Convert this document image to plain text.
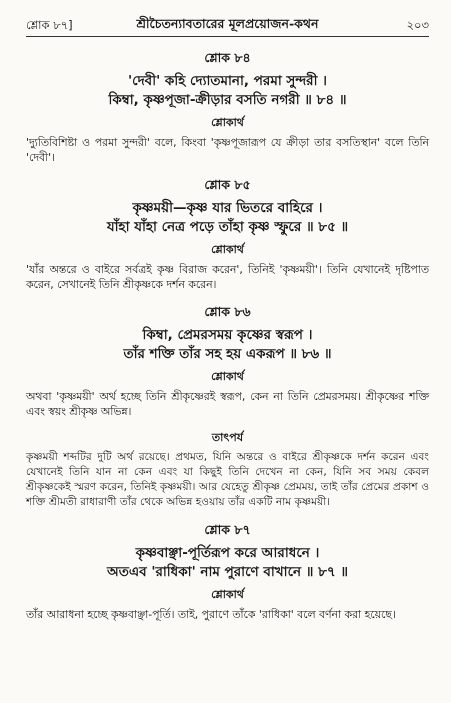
শ্লোক ৮৭]	শ্রীচৈতন্যাবতারের মূলপ্রয়োজন-কথন	২০৩
শ্লোক ৮৪
'দেবী' কহি দ্যোতমানা, পরমা সুন্দরী ।
কিম্বা, কৃষ্ণপূজা-ক্রীড়ার বসতি নগরী ॥ ৮৪ ॥
শ্লোকার্থ
'দ্যুতিবিশিষ্টা ও পরমা সুন্দরী' বলে, কিংবা 'কৃষ্ণপূজারূপ যে ক্রীড়া তার বসতিস্থান' বলে তিনি 'দেবী'।
শ্লোক ৮৫
কৃষ্ণময়ী—কৃষ্ণ যার ভিতরে বাহিরে ।
যাঁহা যাঁহা নেত্র পড়ে তাঁহা কৃষ্ণ স্ফুরে ॥ ৮৫ ॥
শ্লোকার্থ
'যাঁর অন্তরে ও বাইরে সর্বত্রই কৃষ্ণ বিরাজ করেন', তিনিই 'কৃষ্ণময়ী'। তিনি যেখানেই দৃষ্টিপাত করেন, সেখানেই তিনি শ্রীকৃষ্ণকে দর্শন করেন।
শ্লোক ৮৬
কিম্বা, প্রেমরসময় কৃষ্ণের স্বরূপ ।
তাঁর শক্তি তাঁর সহ হয় একরূপ ॥ ৮৬ ॥
শ্লোকার্থ
অথবা 'কৃষ্ণময়ী' অর্থ হচ্ছে তিনি শ্রীকৃষ্ণেরই স্বরূপ, কেন না তিনি প্রেমরসময়। শ্রীকৃষ্ণের শক্তি এবং স্বয়ং শ্রীকৃষ্ণ অভিন্ন।
তাৎপর্য
কৃষ্ণময়ী শব্দটির দুটি অর্থ রয়েছে। প্রথমত, যিনি অন্তরে ও বাইরে শ্রীকৃষ্ণকে দর্শন করেন এবং যেখানেই তিনি যান না কেন এবং যা কিছুই তিনি দেখেন না কেন, যিনি সব সময় কেবল শ্রীকৃষ্ণকেই স্মরণ করেন, তিনিই কৃষ্ণময়ী। আর যেহেতু শ্রীকৃষ্ণ প্রেমময়, তাই তাঁর প্রেমের প্রকাশ ও শক্তি শ্রীমতী রাধারাণী তাঁর থেকে অভিন্ন হওয়ায় তাঁর একটি নাম কৃষ্ণময়ী।
শ্লোক ৮৭
কৃষ্ণবাঞ্ছা-পূর্তিরূপ করে আরাধনে ।
অতএব 'রাধিকা' নাম পুরাণে বাখানে ॥ ৮৭ ॥
শ্লোকার্থ
তাঁর আরাধনা হচ্ছে কৃষ্ণবাঞ্ছা-পূর্তি। তাই, পুরাণে তাঁকে 'রাধিকা' বলে বর্ণনা করা হয়েছে।
